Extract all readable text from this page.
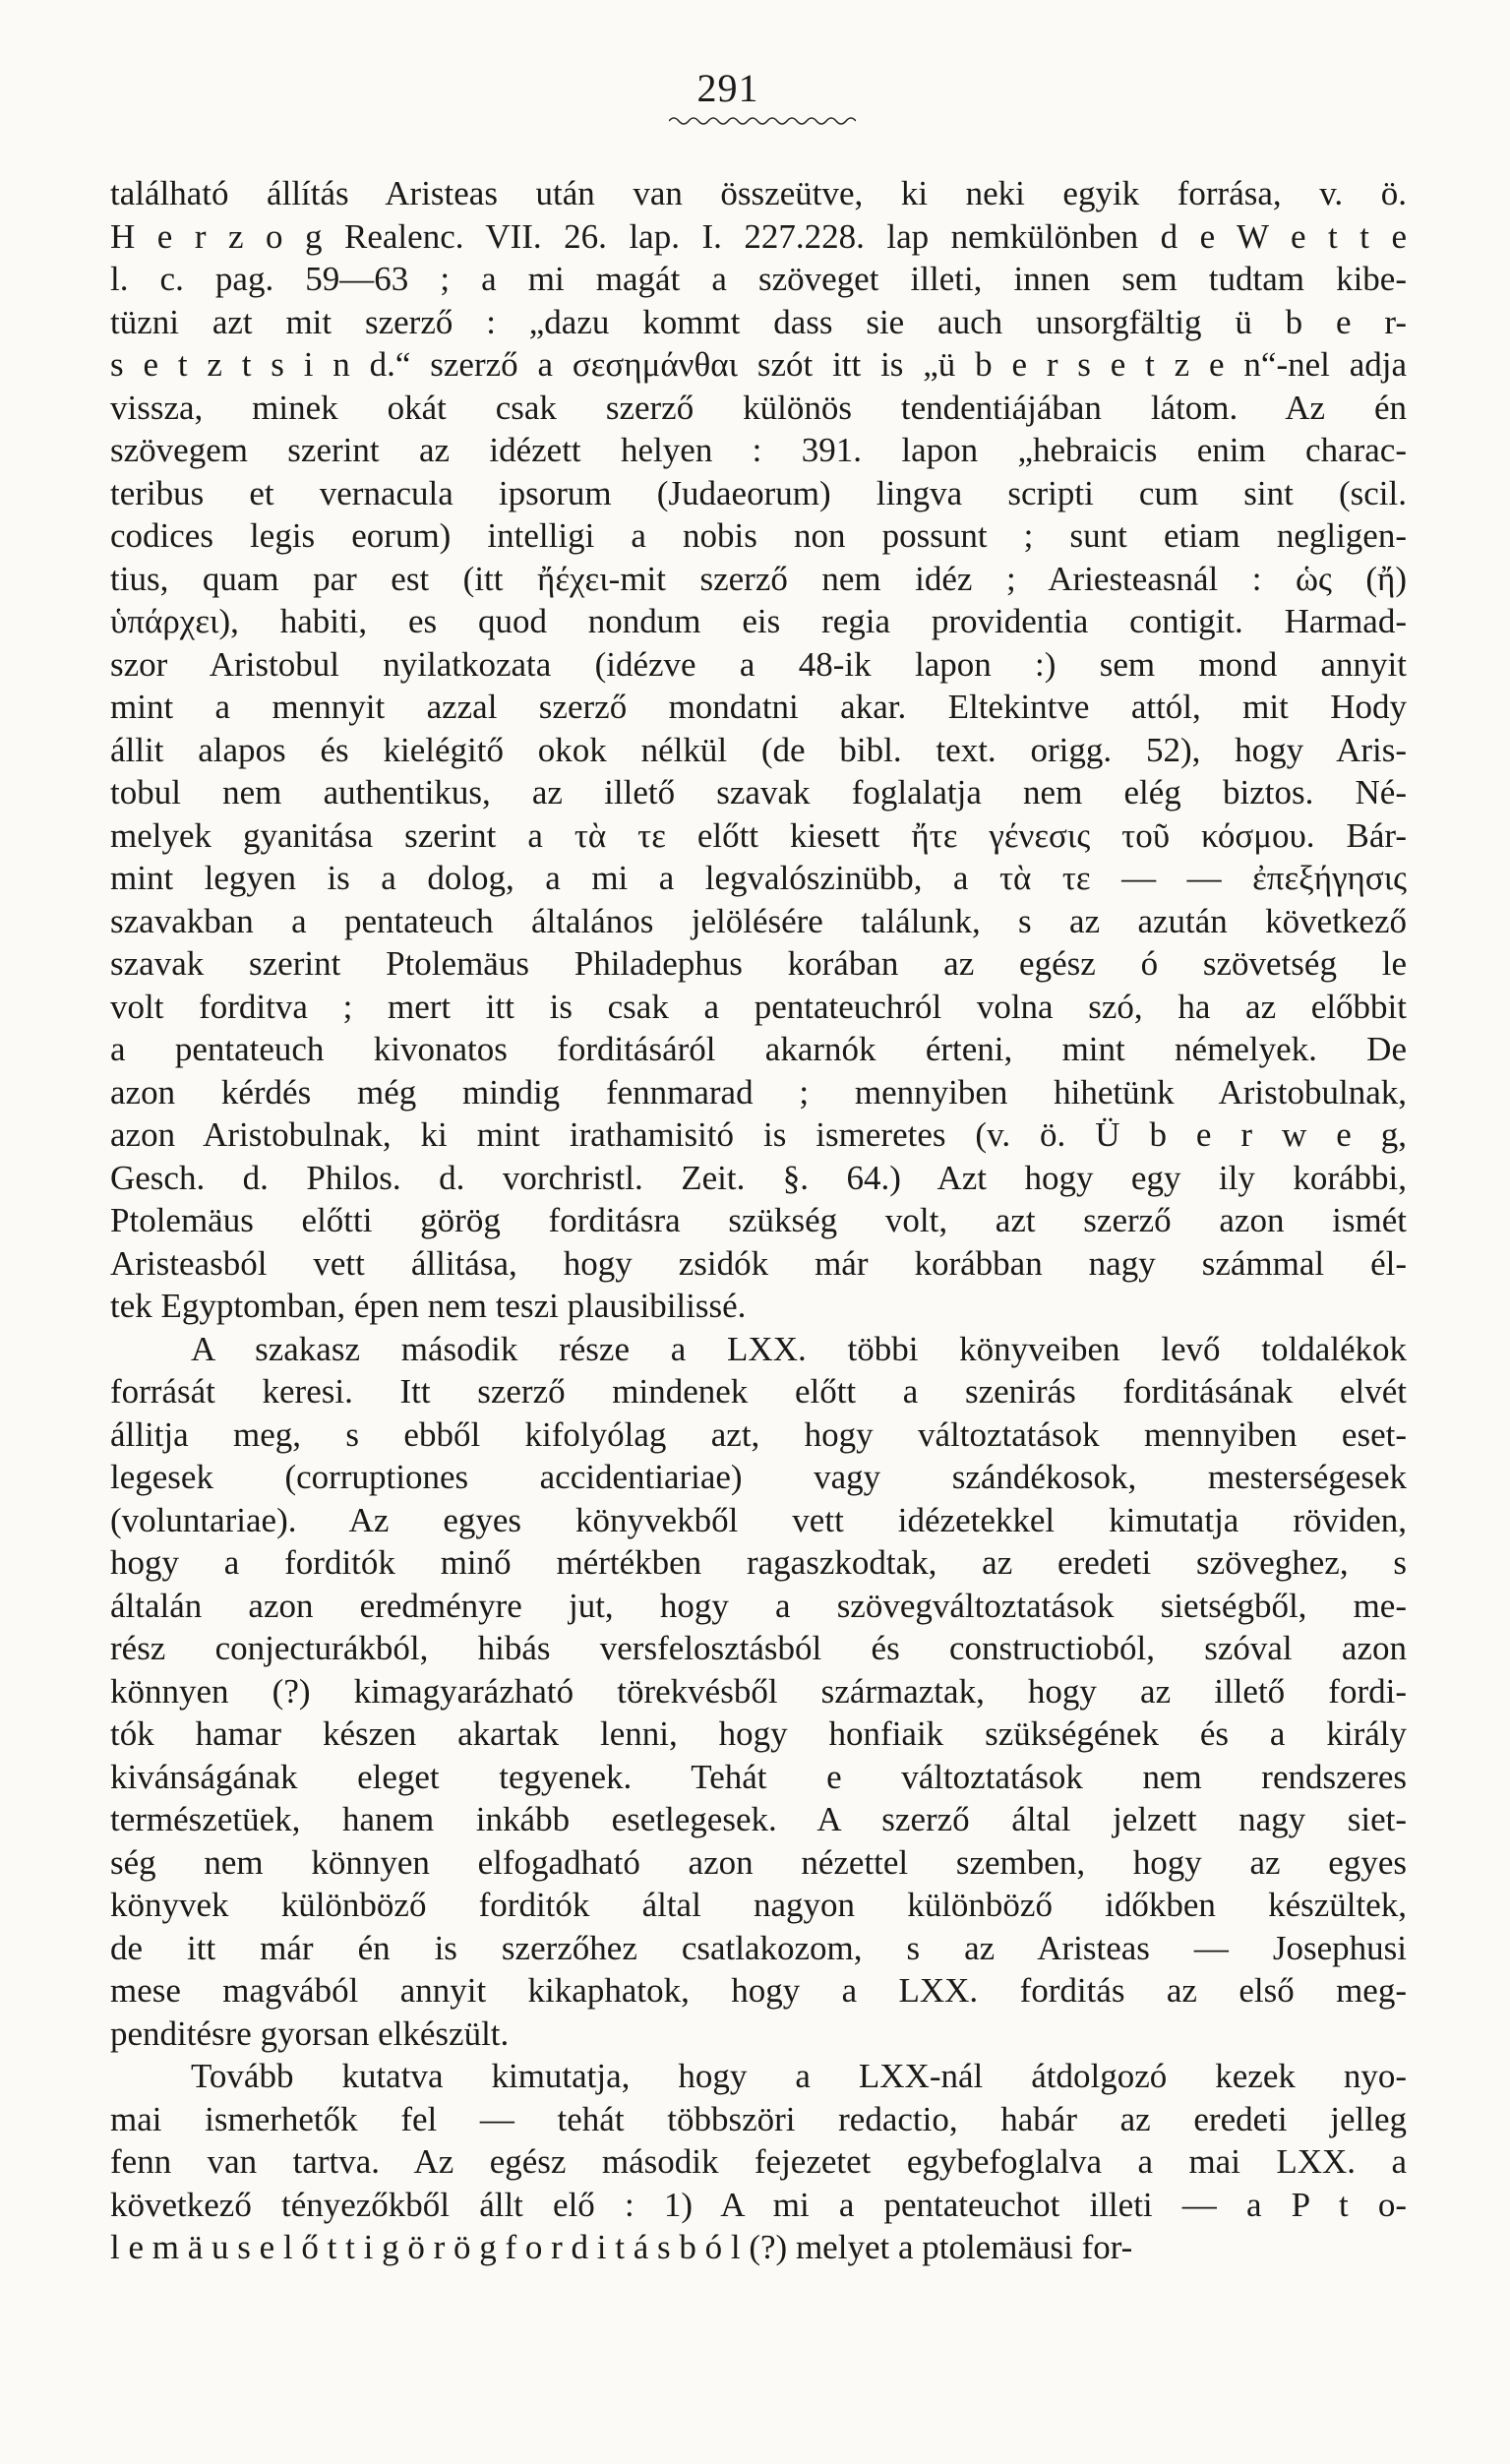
291
található állítás Aristeas után van összeütve, ki neki egyik forrása, v. ö.
H e r z o g Realenc. VII. 26. lap. I. 227.228. lap nemkülönben d e W e t t e
l. c. pag. 59—63 ; a mi magát a szöveget illeti, innen sem tudtam kibe-
tüzni azt mit szerző : „dazu kommt dass sie auch unsorgfältig ü b e r-
s e t z t s i n d.“ szerző a σεσημάνθαι szót itt is „ü b e r s e t z e n“-nel adja
vissza, minek okát csak szerző különös tendentiájában látom. Az én
szövegem szerint az idézett helyen : 391. lapon „hebraicis enim charac-
teribus et vernacula ipsorum (Judaeorum) lingva scripti cum sint (scil.
codices legis eorum) intelligi a nobis non possunt ; sunt etiam negligen-
tius, quam par est (itt ἤέχει-mit szerző nem idéz ; Ariesteasnál : ὡς (ἤ)
ὑπάρχει), habiti, es quod nondum eis regia providentia contigit. Harmad-
szor Aristobul nyilatkozata (idézve a 48-ik lapon :) sem mond annyit
mint a mennyit azzal szerző mondatni akar. Eltekintve attól, mit Hody
állit alapos és kielégitő okok nélkül (de bibl. text. origg. 52), hogy Aris-
tobul nem authentikus, az illető szavak foglalatja nem elég biztos. Né-
melyek gyanitása szerint a τὰ τε előtt kiesett ἤτε γένεσις τοῦ κόσμου. Bár-
mint legyen is a dolog, a mi a legvalószinübb, a τὰ τε — — ἐπεξήγησις
szavakban a pentateuch általános jelölésére találunk, s az azután következő
szavak szerint Ptolemäus Philadephus korában az egész ó szövetség le
volt forditva ; mert itt is csak a pentateuchról volna szó, ha az előbbit
a pentateuch kivonatos forditásáról akarnók érteni, mint némelyek. De
azon kérdés még mindig fennmarad ; mennyiben hihetünk Aristobulnak,
azon Aristobulnak, ki mint irathamisitó is ismeretes (v. ö. Ü b e r w e g,
Gesch. d. Philos. d. vorchristl. Zeit. §. 64.) Azt hogy egy ily korábbi,
Ptolemäus előtti görög forditásra szükség volt, azt szerző azon ismét
Aristeasból vett állitása, hogy zsidók már korábban nagy számmal él-
tek Egyptomban, épen nem teszi plausibilissé.
A szakasz második része a LXX. többi könyveiben levő toldalékok
forrását keresi. Itt szerző mindenek előtt a szenirás forditásának elvét
állitja meg, s ebből kifolyólag azt, hogy változtatások mennyiben eset-
legesek (corruptiones accidentiariae) vagy szándékosok, mesterségesek
(voluntariae). Az egyes könyvekből vett idézetekkel kimutatja röviden,
hogy a forditók minő mértékben ragaszkodtak, az eredeti szöveghez, s
általán azon eredményre jut, hogy a szövegváltoztatások sietségből, me-
rész conjecturákból, hibás versfelosztásból és constructioból, szóval azon
könnyen (?) kimagyarázható törekvésből származtak, hogy az illető fordi-
tók hamar készen akartak lenni, hogy honfiaik szükségének és a király
kivánságának eleget tegyenek. Tehát e változtatások nem rendszeres
természetüek, hanem inkább esetlegesek. A szerző által jelzett nagy siet-
ség nem könnyen elfogadható azon nézettel szemben, hogy az egyes
könyvek különböző forditók által nagyon különböző időkben készültek,
de itt már én is szerzőhez csatlakozom, s az Aristeas — Josephusi
mese magvából annyit kikaphatok, hogy a LXX. forditás az első meg-
penditésre gyorsan elkészült.
Tovább kutatva kimutatja, hogy a LXX-nál átdolgozó kezek nyo-
mai ismerhetők fel — tehát többszöri redactio, habár az eredeti jelleg
fenn van tartva. Az egész második fejezetet egybefoglalva a mai LXX. a
következő tényezőkből állt elő : 1) A mi a pentateuchot illeti — a P t o-
l e m ä u s e l ő t t i g ö r ö g f o r d i t á s b ó l (?) melyet a ptolemäusi for-
